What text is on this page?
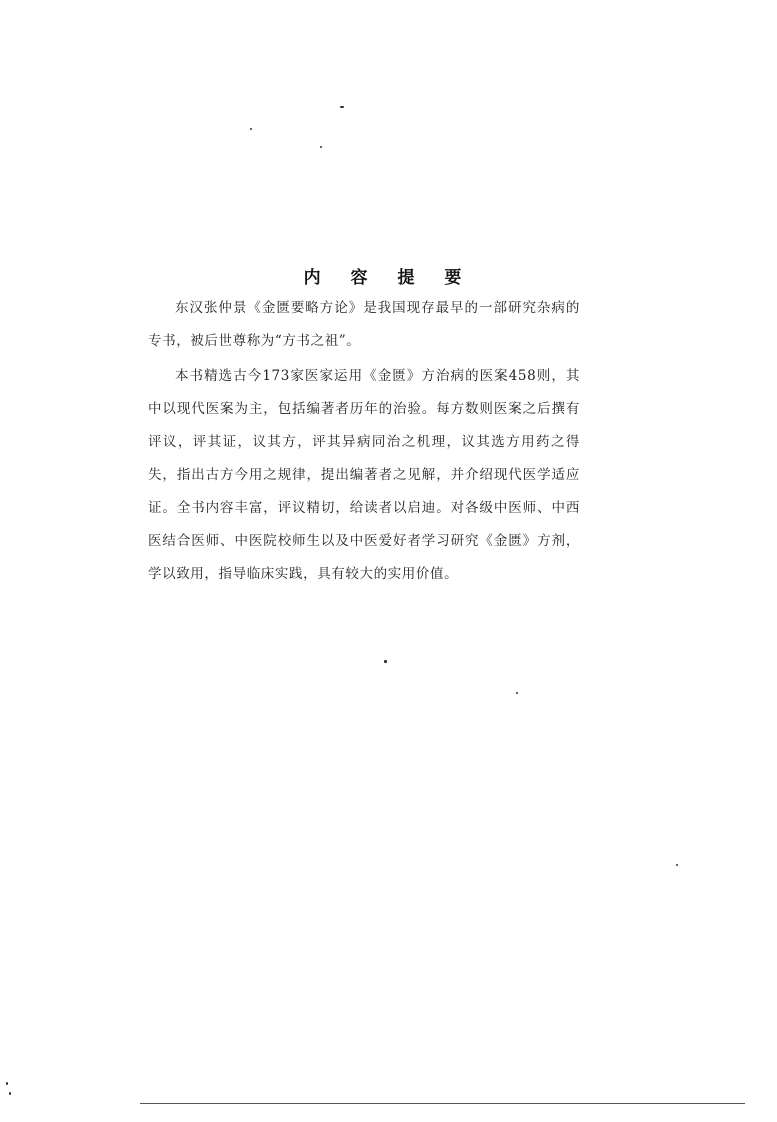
内 容 提 要

东汉张仲景《金匮要略方论》是我国现存最早的一部研究杂病的专书，被后世尊称为“方书之祖”。

本书精选古今173家医家运用《金匮》方治病的医案458则，其中以现代医案为主，包括编著者历年的治验。每方数则医案之后撰有评议，评其证，议其方，评其异病同治之机理，议其选方用药之得失，指出古方今用之规律，提出编著者之见解，并介绍现代医学适应证。全书内容丰富，评议精切，给读者以启迪。对各级中医师、中西医结合医师、中医院校师生以及中医爱好者学习研究《金匮》方剂，学以致用，指导临床实践，具有较大的实用价值。
